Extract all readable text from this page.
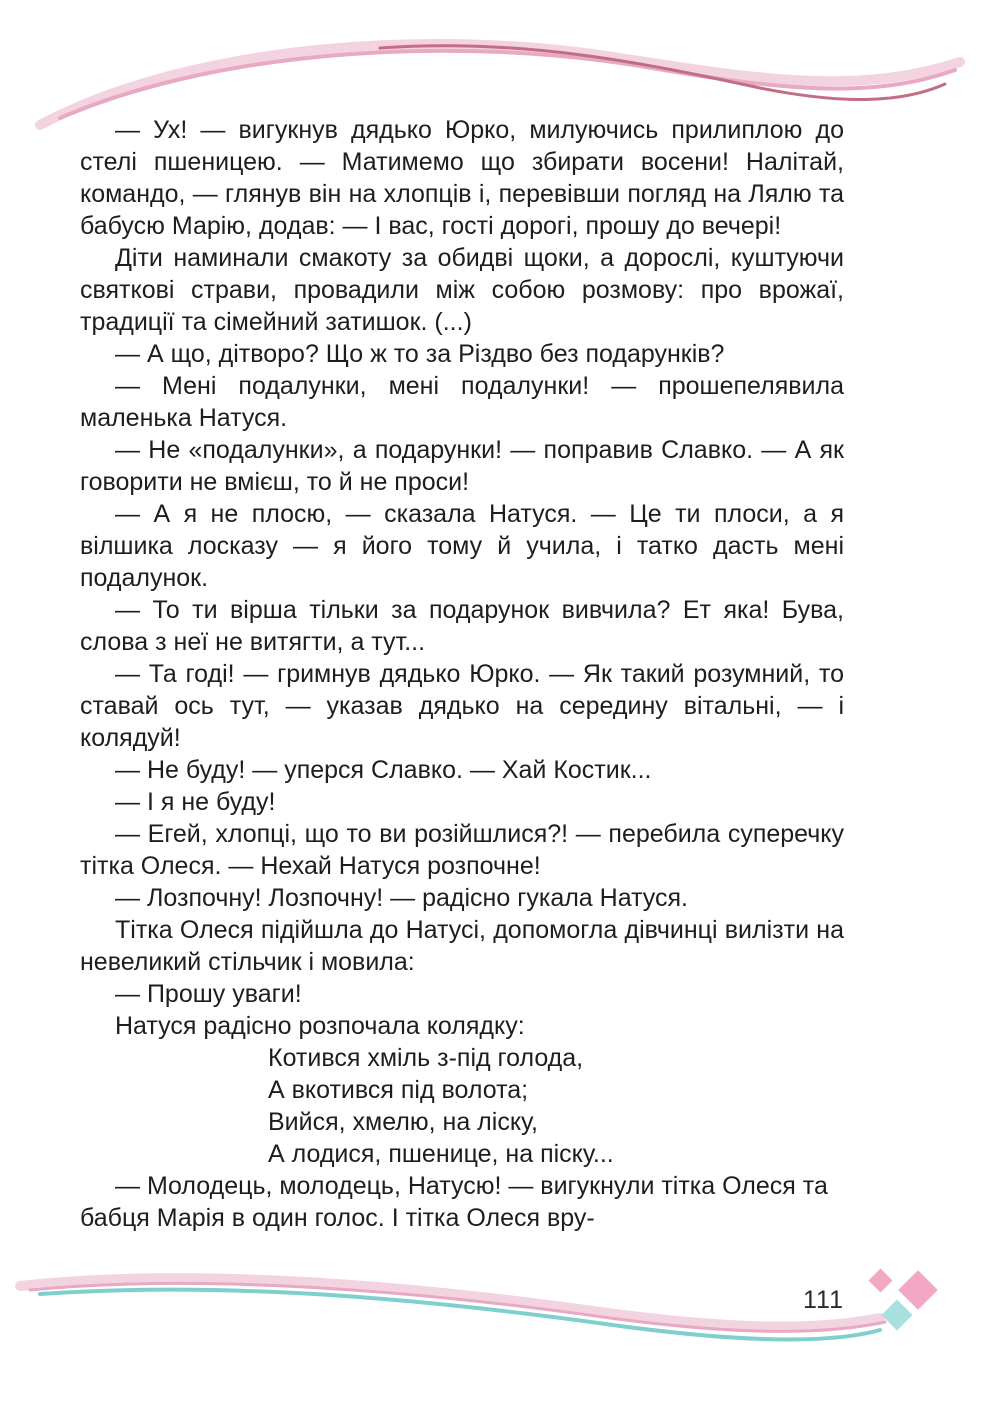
— Ух! — вигукнув дядько Юрко, милуючись прилиплою до стелі пшеницею. — Матимемо що збирати восени! Налітай, командо, — глянув він на хлопців і, перевівши погляд на Лялю та бабусю Марію, додав: — І вас, гості дорогі, прошу до вечері!

Діти наминали смакоту за обидві щоки, а дорослі, куштуючи святкові страви, провадили між собою розмову: про врожаї, традиції та сімейний затишок. (...)

— А що, дітворо? Що ж то за Різдво без подарунків?

— Мені подалунки, мені подалунки! — прошепелявила маленька Натуся.

— Не «подалунки», а подарунки! — поправив Славко. — А як говорити не вмієш, то й не проси!

— А я не плосю, — сказала Натуся. — Це ти плоси, а я вілшика лосказу — я його тому й учила, і татко дасть мені подалунок.

— То ти вірша тільки за подарунок вивчила? Ет яка! Бува, слова з неї не витягти, а тут...

— Та годі! — гримнув дядько Юрко. — Як такий розумний, то ставай ось тут, — указав дядько на середину вітальні, — і колядуй!

— Не буду! — уперся Славко. — Хай Костик...

— І я не буду!

— Егей, хлопці, що то ви розійшлися?! — перебила суперечку тітка Олеся. — Нехай Натуся розпочне!

— Лозпочну! Лозпочну! — радісно гукала Натуся.

Тітка Олеся підійшла до Натусі, допомогла дівчинці вилізти на невеликий стільчик і мовила:

— Прошу уваги!

Натуся радісно розпочала колядку:

Котився хміль з-під голода,

А вкотився під волота;

Вийся, хмелю, на ліску,

А лодися, пшенице, на піску...

— Молодець, молодець, Натусю! — вигукнули тітка Олеся та бабця Марія в один голос. І тітка Олеся вру-

111
